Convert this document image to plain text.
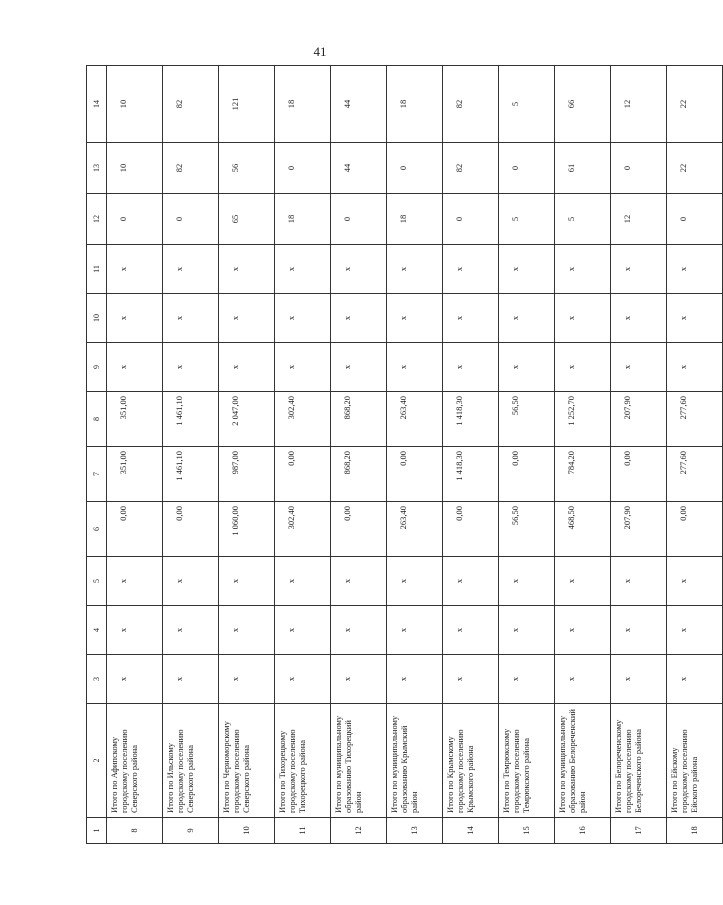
41
1	2	3	4	5	6	7	8	9	10	11	12	13	14
8	Итого по Афипскому городскому поселению Северского района	x	x	x	0,00	351,00	351,00	x	x	x	0	10	10
9	Итого по Ильскому городскому поселению Северского района	x	x	x	0,00	1 461,10	1 461,10	x	x	x	0	82	82
10	Итого по Черноморскому городскому поселению Северского района	x	x	x	1 060,00	987,00	2 047,00	x	x	x	65	56	121
11	Итого по Тихорецкому городскому поселению Тихорецкого района	x	x	x	302,40	0,00	302,40	x	x	x	18	0	18
12	Итого по муниципальному образованию Тихорецкий район	x	x	x	0,00	868,20	868,20	x	x	x	0	44	44
13	Итого по муниципальному образованию Крымский район	x	x	x	263,40	0,00	263,40	x	x	x	18	0	18
14	Итого по Крымскому городскому поселению Крымского района	x	x	x	0,00	1 418,30	1 418,30	x	x	x	0	82	82
15	Итого по Темрюкскому городскому поселению Темрюкского района	x	x	x	56,50	0,00	56,50	x	x	x	5	0	5
16	Итого по муниципальному образованию Белореченский район	x	x	x	468,50	784,20	1 252,70	x	x	x	5	61	66
17	Итого по Белореченскому городскому поселению Белореченского района	x	x	x	207,90	0,00	207,90	x	x	x	12	0	12
18	Итого по Ейскому городскому поселению Ейского района	x	x	x	0,00	277,60	277,60	x	x	x	0	22	22
